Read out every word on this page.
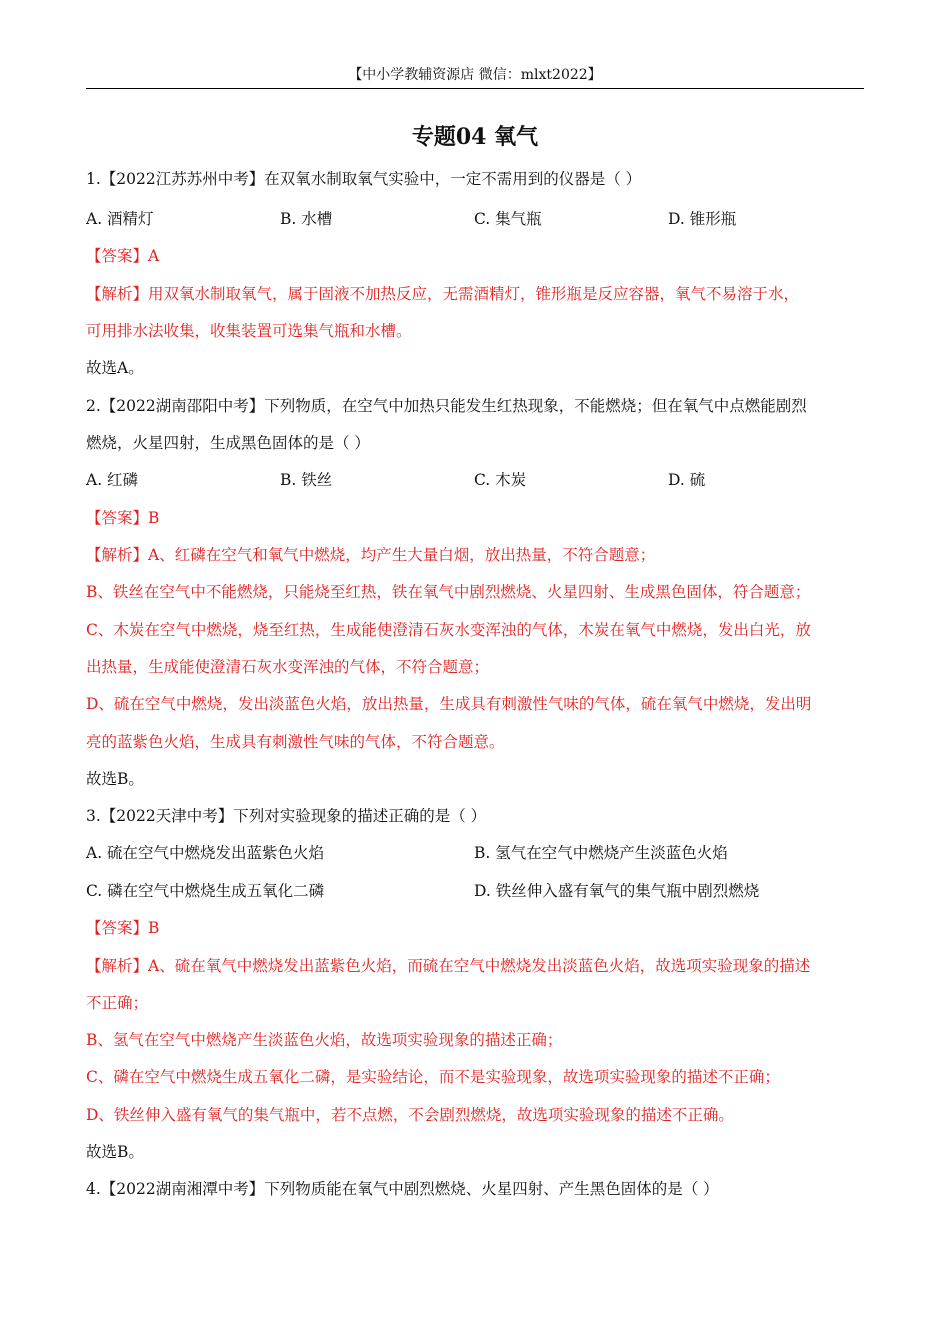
【中小学教辅资源店 微信：mlxt2022】
专题04 氧气
1.【2022江苏苏州中考】在双氧水制取氧气实验中，一定不需用到的仪器是（ ）
A. 酒精灯	B. 水槽	C. 集气瓶	D. 锥形瓶
【答案】A
【解析】用双氧水制取氧气，属于固液不加热反应，无需酒精灯，锥形瓶是反应容器，氧气不易溶于水，
可用排水法收集，收集装置可选集气瓶和水槽。
故选A。
2.【2022湖南邵阳中考】下列物质，在空气中加热只能发生红热现象，不能燃烧；但在氧气中点燃能剧烈
燃烧，火星四射，生成黑色固体的是（ ）
A. 红磷	B. 铁丝	C. 木炭	D. 硫
【答案】B
【解析】A、红磷在空气和氧气中燃烧，均产生大量白烟，放出热量，不符合题意；
B、铁丝在空气中不能燃烧，只能烧至红热，铁在氧气中剧烈燃烧、火星四射、生成黑色固体，符合题意；
C、木炭在空气中燃烧，烧至红热，生成能使澄清石灰水变浑浊的气体，木炭在氧气中燃烧，发出白光，放
出热量，生成能使澄清石灰水变浑浊的气体，不符合题意；
D、硫在空气中燃烧，发出淡蓝色火焰，放出热量，生成具有刺激性气味的气体，硫在氧气中燃烧，发出明
亮的蓝紫色火焰，生成具有刺激性气味的气体，不符合题意。
故选B。
3.【2022天津中考】下列对实验现象的描述正确的是（ ）
A. 硫在空气中燃烧发出蓝紫色火焰	B. 氢气在空气中燃烧产生淡蓝色火焰
C. 磷在空气中燃烧生成五氧化二磷	D. 铁丝伸入盛有氧气的集气瓶中剧烈燃烧
【答案】B
【解析】A、硫在氧气中燃烧发出蓝紫色火焰，而硫在空气中燃烧发出淡蓝色火焰，故选项实验现象的描述
不正确；
B、氢气在空气中燃烧产生淡蓝色火焰，故选项实验现象的描述正确；
C、磷在空气中燃烧生成五氧化二磷，是实验结论，而不是实验现象，故选项实验现象的描述不正确；
D、铁丝伸入盛有氧气的集气瓶中，若不点燃，不会剧烈燃烧，故选项实验现象的描述不正确。
故选B。
4.【2022湖南湘潭中考】下列物质能在氧气中剧烈燃烧、火星四射、产生黑色固体的是（ ）
